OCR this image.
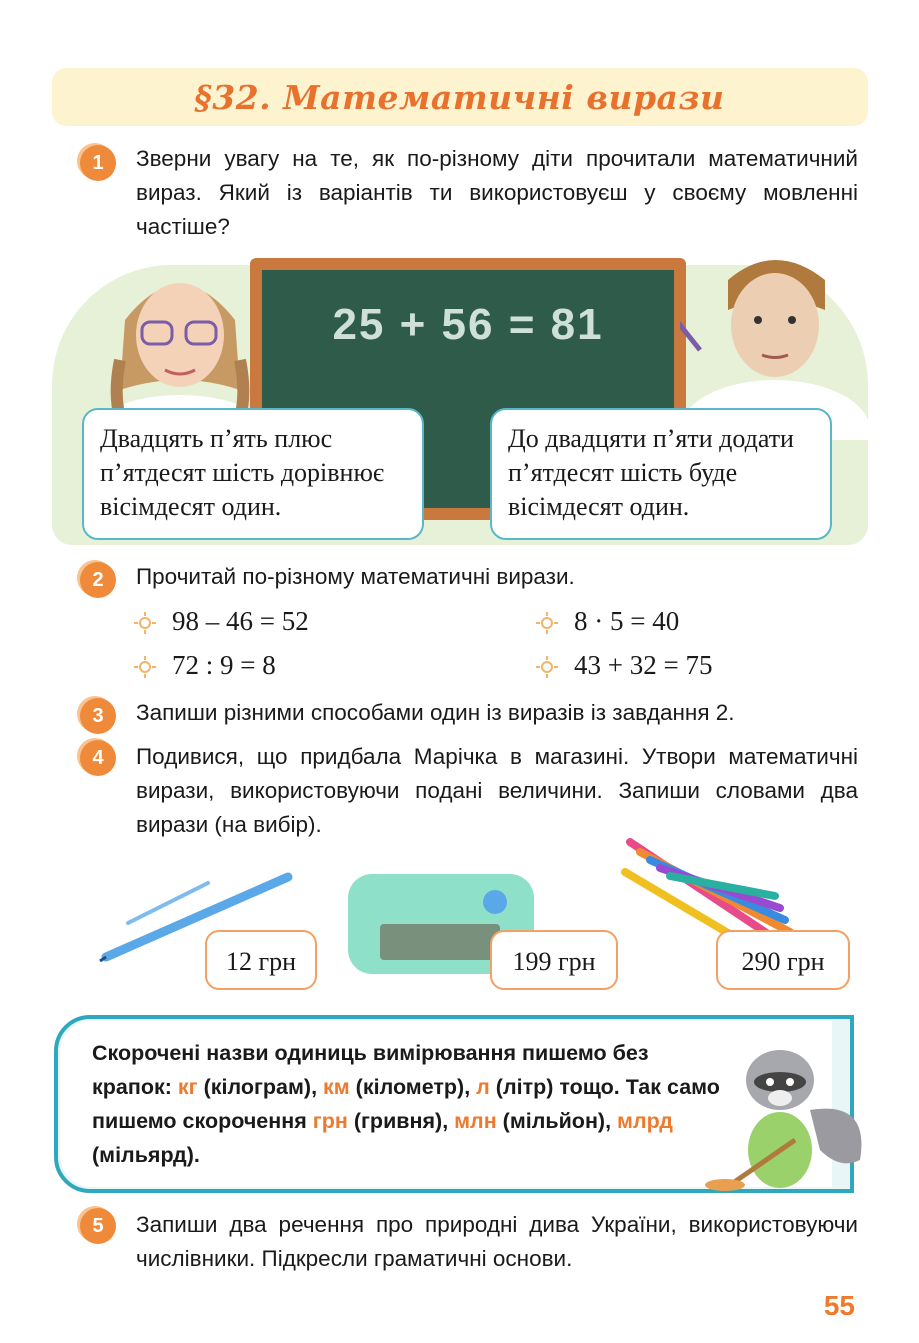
§32. Математичні вирази
1	Зверни увагу на те, як по-різному діти прочитали математичний вираз. Який із варіантів ти використовуєш у своєму мовленні частіше?
25 + 56 = 81
Двадцять п’ять плюс п’ятдесят шість дорівнює вісімдесят один.
До двадцяти п’яти додати п’ятдесят шість буде вісімдесят один.
2	Прочитай по-різному математичні вирази.
98 – 46 = 52	8 · 5 = 40
72 : 9 = 8	43 + 32 = 75
3	Запиши різними способами один із виразів із завдання 2.
4	Подивися, що придбала Марічка в магазині. Утвори математичні вирази, використовуючи подані величини. Запиши словами два вирази (на вибір).
12 грн	199 грн	290 грн
Скорочені назви одиниць вимірювання пишемо без крапок: кг (кілограм), км (кілометр), л (літр) тощо. Так само пишемо скорочення грн (гривня), млн (мільйон), млрд (мільярд).
5	Запиши два речення про природні дива України, використовуючи числівники. Підкресли граматичні основи.
55
